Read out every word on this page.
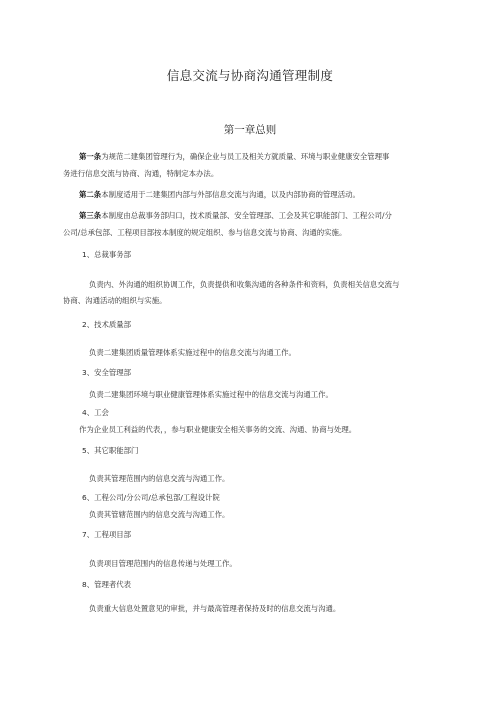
信息交流与协商沟通管理制度
第一章总则
第一条为规范二建集团管理行为，确保企业与员工及相关方就质量、环境与职业健康安全管理事
务进行信息交流与协商、沟通，特制定本办法。
第二条本制度适用于二建集团内部与外部信息交流与沟通，以及内部协商的管理活动。
第三条本制度由总裁事务部归口，技术质量部、安全管理部、工会及其它职能部门、工程公司/分
公司/总承包部、工程项目部按本制度的规定组织、参与信息交流与协商、沟通的实施。
1、总裁事务部
负责内、外沟通的组织协调工作，负责提供和收集沟通的各种条件和资料，负责相关信息交流与
协商、沟通活动的组织与实施。
2、技术质量部
负责二建集团质量管理体系实施过程中的信息交流与沟通工作。
3、安全管理部
负责二建集团环境与职业健康管理体系实施过程中的信息交流与沟通工作。
4、工会
作为企业员工利益的代表，，参与职业健康安全相关事务的交流、沟通、协商与处理。
5、其它职能部门
负责其管理范围内的信息交流与沟通工作。
6、工程公司/分公司/总承包部/工程设计院
负责其管辖范围内的信息交流与沟通工作。
7、工程项目部
负责项目管理范围内的信息传递与处理工作。
8、管理者代表
负责重大信息处置意见的审批，并与最高管理者保持及时的信息交流与沟通。
